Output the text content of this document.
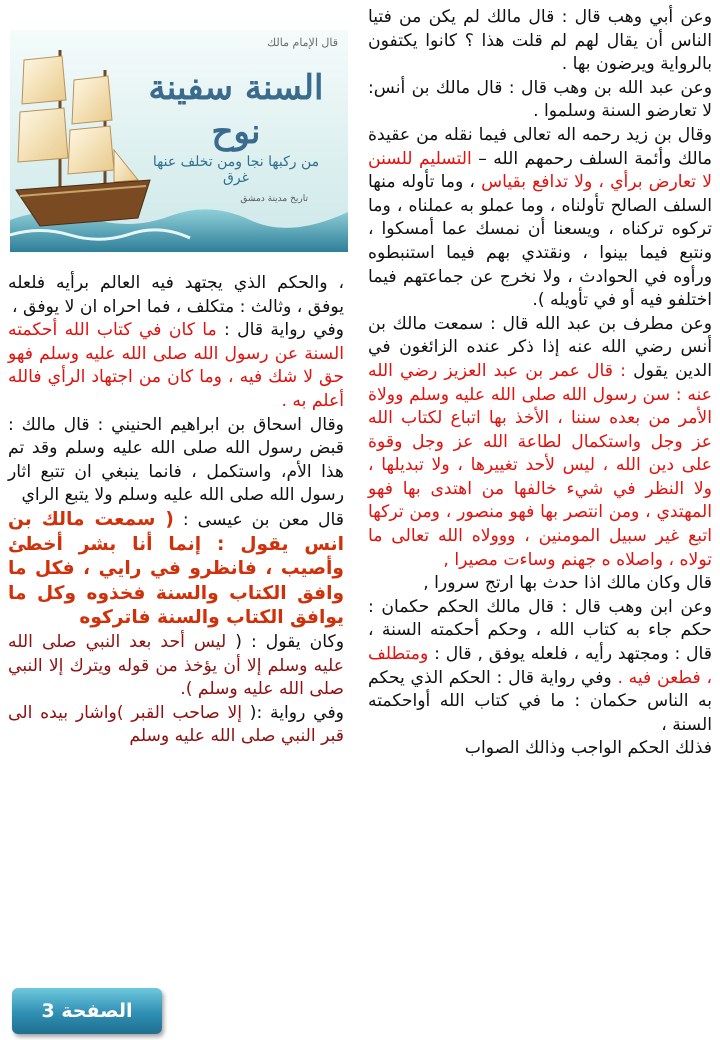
قال الإمام مالك
السنة سفينة نوح
من ركبها نجا ومن تخلف عنها غرق
تاريخ مدينة دمشق

وعن أبي وهب قال : قال مالك لم يكن من فتيا الناس أن يقال لهم لم قلت هذا ؟ كانوا يكتفون بالرواية ويرضون بها .

وعن عبد الله بن وهب قال : قال مالك بن أنس: لا تعارضو السنة وسلموا .

وقال بن زيد رحمه اله تعالى فيما نقله من عقيدة مالك وأئمة السلف رحمهم الله – التسليم للسنن لا تعارض برأي ، ولا تدافع بقياس ، وما تأوله منها السلف الصالح تأولناه ، وما عملو به عملناه ، وما تركوه تركناه ، ويسعنا أن نمسك عما أمسكوا ، ونتبع فيما بينوا ، ونقتدي بهم فيما استنبطوه ورأوه في الحوادث ، ولا نخرج عن جماعتهم فيما اختلفو فيه أو في تأويله ).

وعن مطرف بن عبد الله قال : سمعت مالك بن أنس رضي الله عنه إذا ذكر عنده الزائغون في الدين يقول : قال عمر بن عبد العزيز رضي الله عنه : سن رسول الله صلى الله عليه وسلم وولاة الأمر من بعده سننا ، الأخذ بها اتباع لكتاب الله عز وجل واستكمال لطاعة الله عز وجل وقوة على دين الله ، ليس لأحد تغييرها ، ولا تبديلها ، ولا النظر في شيء خالفها من اهتدى بها فهو المهتدي ، ومن انتصر بها فهو منصور ، ومن تركها اتبع غير سبيل المومنين ، ووولاه الله تعالى ما تولاه ، واصلاه ه جهنم وساءت مصيرا ,

قال وكان مالك اذا حدث بها ارتج سرورا ,

وعن ابن وهب قال : قال مالك الحكم حكمان : حكم جاء به كتاب الله ، وحكم أحكمته السنة ، قال : ومجتهد رأيه ، فلعله يوفق , قال : ومتطلف ، فطعن فيه . وفي رواية قال : الحكم الذي يحكم به الناس حكمان : ما في كتاب الله أواحكمته السنة ،

فذلك الحكم الواجب وذالك الصواب

، والحكم الذي يجتهد فيه العالم برأيه فلعله يوفق ، وثالث : متكلف ، فما احراه ان لا يوفق ،

وفي رواية قال : ما كان في كتاب الله أحكمته السنة عن رسول الله صلى الله عليه وسلم فهو حق لا شك فيه ، وما كان من اجتهاد الرأي فالله أعلم به .

وقال اسحاق بن ابراهيم الحنيني : قال مالك : قبض رسول الله صلى الله عليه وسلم وقد تم هذا الأم، واستكمل ، فانما ينبغي ان تتبع اثار رسول الله صلى الله عليه وسلم ولا يتبع الراي

قال معن بن عيسى : ( سمعت مالك بن انس يقول : إنما أنا بشر أخطئ وأصيب ، فانظرو في رايي ، فكل ما وافق الكتاب والسنة فخذوه وكل ما يوافق الكتاب والسنة فاتركوه

وكان يقول : ( ليس أحد بعد النبي صلى الله عليه وسلم إلا أن يؤخذ من قوله ويترك إلا النبي صلى الله عليه وسلم ).

وفي رواية :( إلا صاحب القبر )واشار بيده الى قبر النبي صلى الله عليه وسلم

الصفحة 3
